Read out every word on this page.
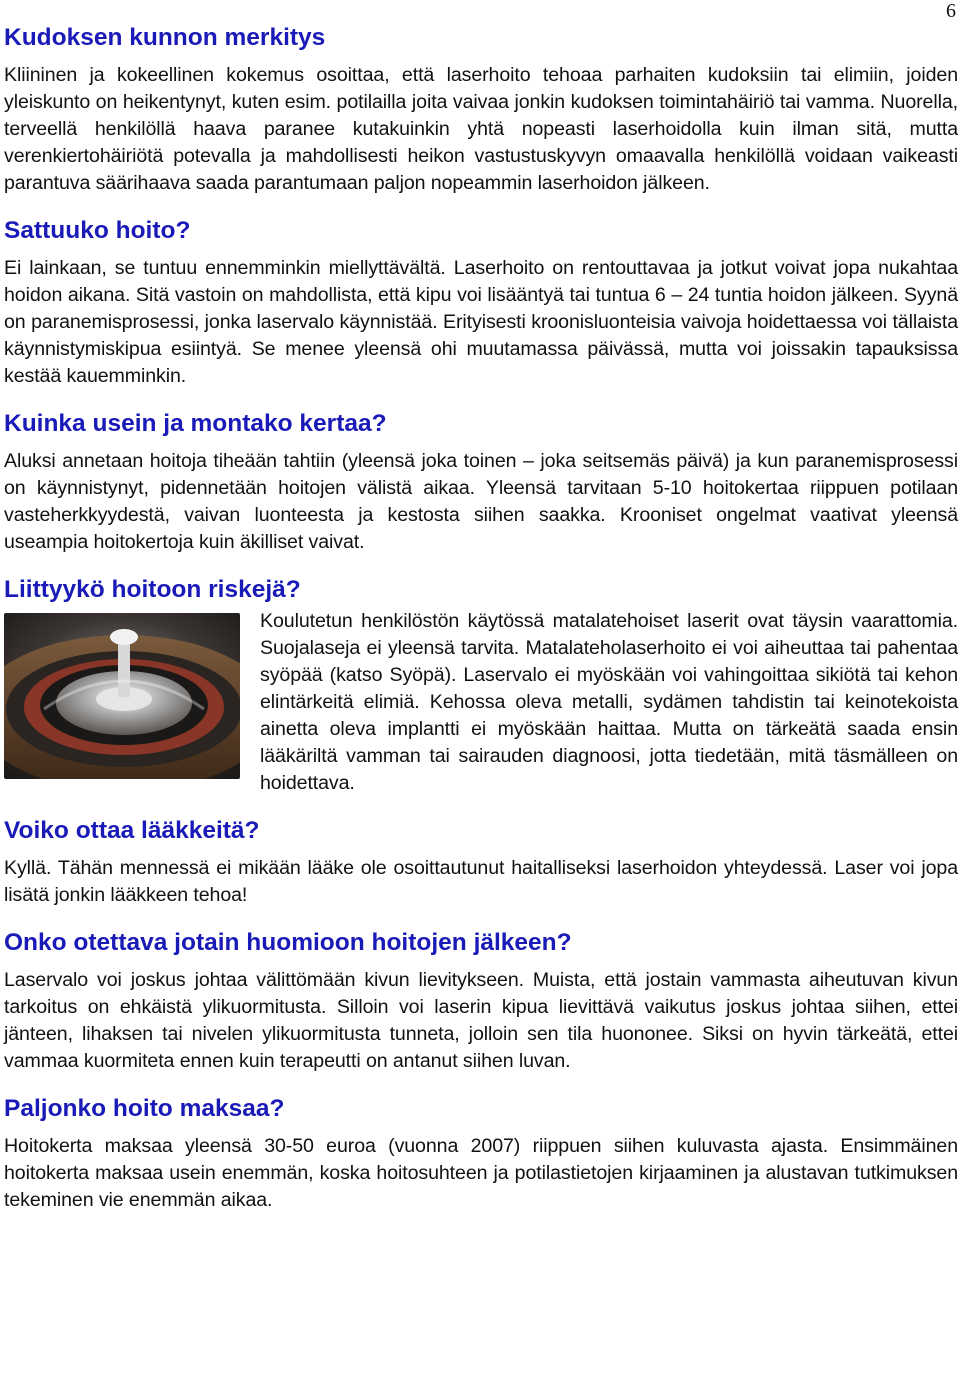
6
Kudoksen kunnon merkitys

Kliininen ja kokeellinen kokemus osoittaa, että laserhoito tehoaa parhaiten kudoksiin tai elimiin, joiden yleiskunto on heikentynyt, kuten esim. potilailla joita vaivaa jonkin kudoksen toimintahäiriö tai vamma. Nuorella, terveellä henkilöllä haava paranee kutakuinkin yhtä nopeasti laserhoidolla kuin ilman sitä, mutta verenkiertohäiriötä potevalla ja mahdollisesti heikon vastustuskyvyn omaavalla henkilöllä voidaan vaikeasti parantuva säärihaava saada parantumaan paljon nopeammin laserhoidon jälkeen.

Sattuuko hoito?

Ei lainkaan, se tuntuu ennemminkin miellyttävältä. Laserhoito on rentouttavaa ja jotkut voivat jopa nukahtaa hoidon aikana. Sitä vastoin on mahdollista, että kipu voi lisääntyä tai tuntua 6 – 24 tuntia hoidon jälkeen. Syynä on paranemisprosessi, jonka laservalo käynnistää. Erityisesti kroonisluonteisia vaivoja hoidettaessa voi tällaista käynnistymiskipua esiintyä. Se menee yleensä ohi muutamassa päivässä, mutta voi joissakin tapauksissa kestää kauemminkin.

Kuinka usein ja montako kertaa?

Aluksi annetaan hoitoja tiheään tahtiin (yleensä joka toinen – joka seitsemäs päivä) ja kun paranemisprosessi on käynnistynyt, pidennetään hoitojen välistä aikaa. Yleensä tarvitaan 5-10 hoitokertaa riippuen potilaan vasteherkkyydestä, vaivan luonteesta ja kestosta siihen saakka. Krooniset ongelmat vaativat yleensä useampia hoitokertoja kuin äkilliset vaivat.

Liittyykö hoitoon riskejä?

Koulutetun henkilöstön käytössä matalatehoiset laserit ovat täysin vaarattomia. Suojalaseja ei yleensä tarvita. Matalateholaserhoito ei voi aiheuttaa tai pahentaa syöpää (katso Syöpä). Laservalo ei myöskään voi vahingoittaa sikiötä tai kehon elintärkeitä elimiä. Kehossa oleva metalli, sydämen tahdistin tai keinotekoista ainetta oleva implantti ei myöskään haittaa. Mutta on tärkeätä saada ensin lääkäriltä vamman tai sairauden diagnoosi, jotta tiedetään, mitä täsmälleen on hoidettava.

Voiko ottaa lääkkeitä?

Kyllä. Tähän mennessä ei mikään lääke ole osoittautunut haitalliseksi laserhoidon yhteydessä. Laser voi jopa lisätä jonkin lääkkeen tehoa!

Onko otettava jotain huomioon hoitojen jälkeen?

Laservalo voi joskus johtaa välittömään kivun lievitykseen. Muista, että jostain vammasta aiheutuvan kivun tarkoitus on ehkäistä ylikuormitusta. Silloin voi laserin kipua lievittävä vaikutus joskus johtaa siihen, ettei jänteen, lihaksen tai nivelen ylikuormitusta tunneta, jolloin sen tila huononee. Siksi on hyvin tärkeätä, ettei vammaa kuormiteta ennen kuin terapeutti on antanut siihen luvan.

Paljonko hoito maksaa?

Hoitokerta maksaa yleensä 30-50 euroa (vuonna 2007) riippuen siihen kuluvasta ajasta. Ensimmäinen hoitokerta maksaa usein enemmän, koska hoitosuhteen ja potilastietojen kirjaaminen ja alustavan tutkimuksen tekeminen vie enemmän aikaa.
